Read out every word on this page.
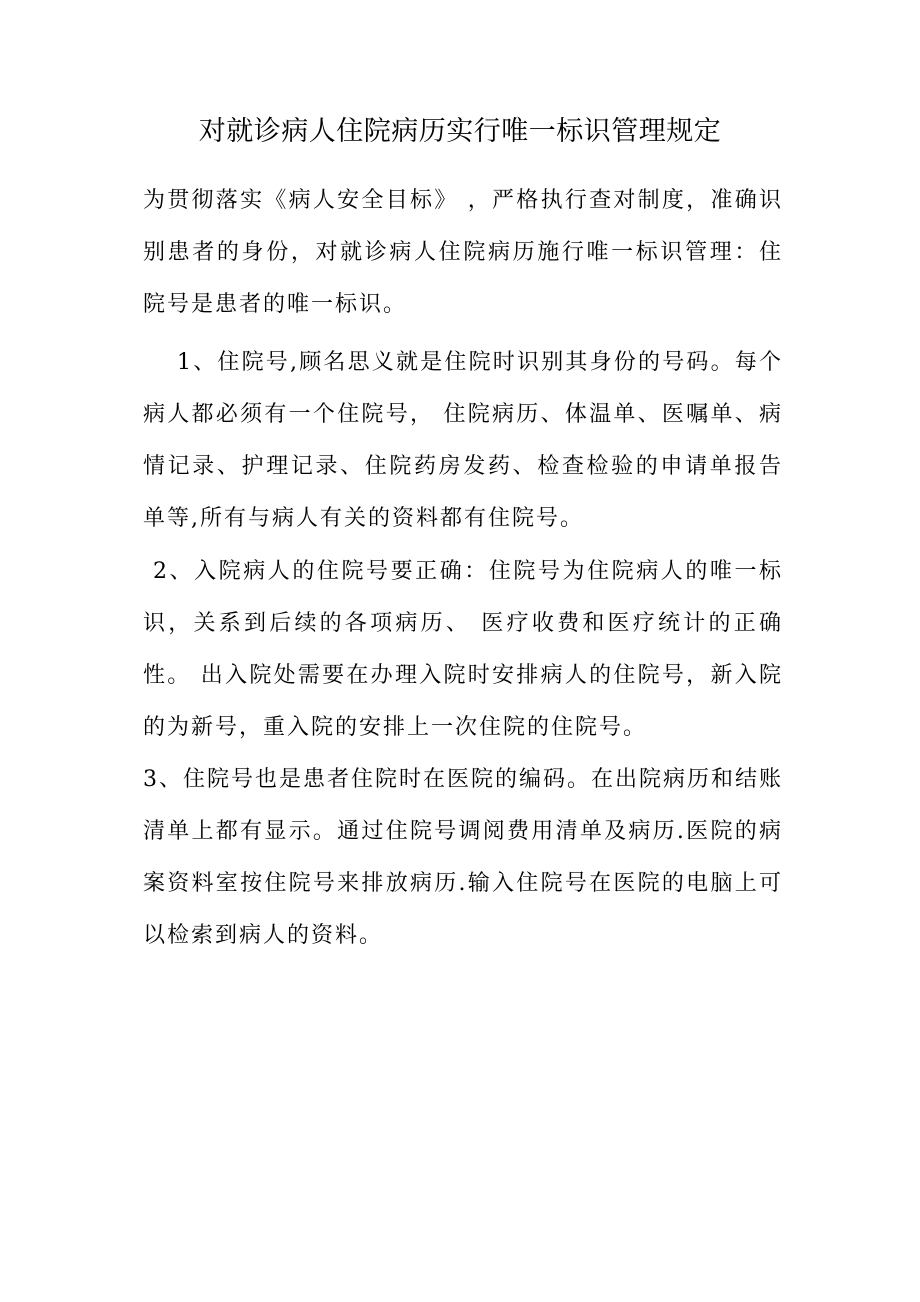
对就诊病人住院病历实行唯一标识管理规定

为贯彻落实《病人安全目标》 ，严格执行查对制度，准确识别患者的身份，对就诊病人住院病历施行唯一标识管理：住院号是患者的唯一标识。

1、住院号,顾名思义就是住院时识别其身份的号码。每个病人都必须有一个住院号， 住院病历、体温单、医嘱单、病情记录、护理记录、住院药房发药、检查检验的申请单报告单等,所有与病人有关的资料都有住院号。

2、入院病人的住院号要正确：住院号为住院病人的唯一标识，关系到后续的各项病历、 医疗收费和医疗统计的正确性。 出入院处需要在办理入院时安排病人的住院号，新入院的为新号，重入院的安排上一次住院的住院号。

3、住院号也是患者住院时在医院的编码。在出院病历和结账清单上都有显示。通过住院号调阅费用清单及病历.医院的病案资料室按住院号来排放病历.输入住院号在医院的电脑上可以检索到病人的资料。
